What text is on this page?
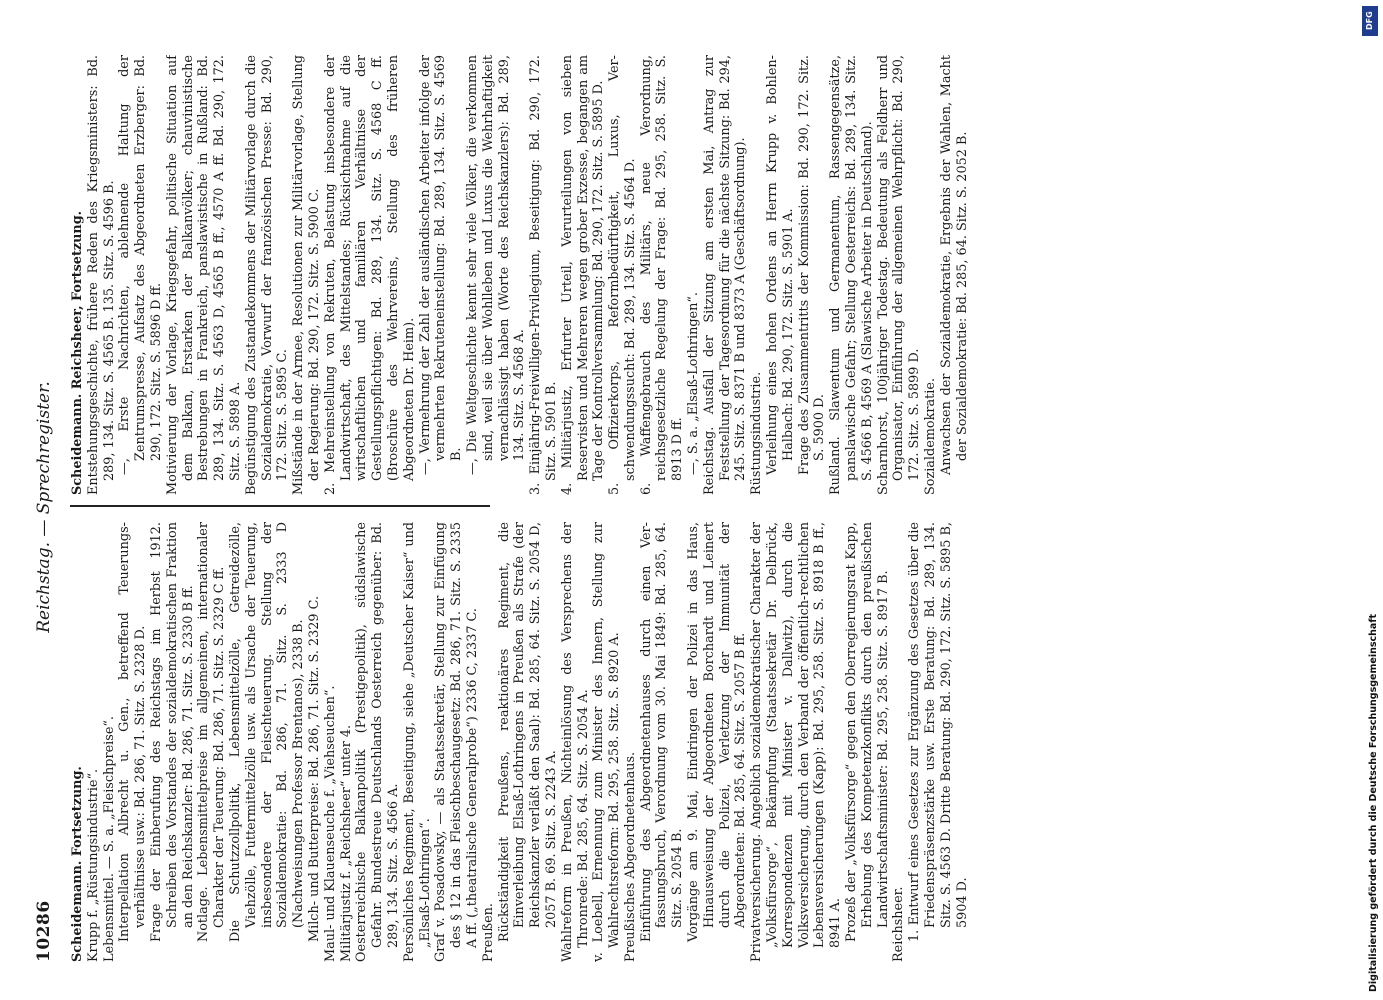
10286
Reichstag. — Sprechregister.

Scheidemann. Fortsetzung. Krupp f. „Rüstungsindustrie“. Lebensmittel. — S. a. „Fleischpreise“. Interpellation Albrecht u. Gen., betreffend Teuerungsverhältnisse usw.: Bd. 286, 71. Sitz. S. 2328 D. Frage der Einberufung des Reichstags im Herbst 1912. Schreiben des Vorstandes der sozialdemokratischen Fraktion an den Reichskanzler: Bd. 286, 71. Sitz. S. 2330 B ff. Notlage. Lebensmittelpreise im allgemeinen, internationaler Charakter der Teuerung: Bd. 286, 71. Sitz. S. 2329 C ff. Die Schutzzollpolitik, Lebensmittelzölle, Getreidezölle, Viehzölle, Futtermittelzölle usw. als Ursache der Teuerung, insbesondere der Fleischteuerung. Stellung der Sozialdemokratie: Bd. 286, 71. Sitz. S. 2333 D (Nachweisungen Professor Brentanos), 2338 B. Milch- und Butterpreise: Bd. 286, 71. Sitz. S. 2329 C. Maul- und Klauenseuche f. „Viehseuchen“. Militärjustiz f. „Reichsheer“ unter 4. Oesterreichische Balkanpolitik (Prestigepolitik), südslawische Gefahr. Bundestreue Deutschlands Oesterreich gegenüber: Bd. 289, 134. Sitz. S. 4566 A. Persönliches Regiment, Beseitigung, siehe „Deutscher Kaiser“ und „Elsaß-Lothringen“. Graf v. Posadowsky, — als Staatssekretär, Stellung zur Einfügung des § 12 in das Fleischbeschaugesetz: Bd. 286, 71. Sitz. S. 2335 A ff. („theatralische Generalprobe“) 2336 C, 2337 C. Preußen. Rückständigkeit Preußens, reaktionäres Regiment, die Einverleibung Elsaß-Lothringens in Preußen als Strafe (der Reichskanzler verläßt den Saal): Bd. 285, 64. Sitz. S. 2054 D, 2057 B. 69. Sitz. S. 2243 A. Wahlreform in Preußen, Nichteinlösung des Versprechens der Thronrede: Bd. 285, 64. Sitz. S. 2054 A. v. Loebell, Ernennung zum Minister des Innern, Stellung zur Wahlrechtsreform: Bd. 295, 258. Sitz. S. 8920 A. Preußisches Abgeordnetenhaus. Einführung des Abgeordnetenhauses durch einen Verfassungsbruch, Verordnung vom 30. Mai 1849: Bd. 285, 64. Sitz. S. 2054 B. Vorgänge am 9. Mai, Eindringen der Polizei in das Haus, Hinausweisung der Abgeordneten Borchardt und Leinert durch die Polizei, Verletzung der Immunität der Abgeordneten: Bd. 285, 64. Sitz. S. 2057 B ff. Privatversicherung. Angeblich sozialdemokratischer Charakter der „Volksfürsorge“, Bekämpfung (Staatssekretär Dr. Delbrück, Korrespondenzen mit Minister v. Dallwitz), durch die Volksversicherung, durch den Verband der öffentlich-rechtlichen Lebensversicherungen (Kapp): Bd. 295, 258. Sitz. S. 8918 B ff., 8941 A. Prozeß der „Volksfürsorge“ gegen den Oberregierungsrat Kapp, Erhebung des Kompetenzkonflikts durch den preußischen Landwirtschaftsminister: Bd. 295, 258. Sitz. S. 8917 B. Reichsheer. 1. Entwurf eines Gesetzes zur Ergänzung des Gesetzes über die Friedenspräsenzstärke usw. Erste Beratung: Bd. 289, 134. Sitz. S. 4563 D. Dritte Beratung: Bd. 290, 172. Sitz. S. 5895 B, 5904 D.

Scheidemann. Reichsheer, Fortsetzung. Entstehungsgeschichte, frühere Reden des Kriegsministers: Bd. 289, 134. Sitz. S. 4565 B. 135. Sitz. S. 4596 B. —, Erste Nachrichten, ablehnende Haltung der Zentrumspresse, Aufsatz des Abgeordneten Erzberger: Bd. 290, 172. Sitz. S. 5896 D ff. Motivierung der Vorlage, Kriegsgefahr, politische Situation auf dem Balkan, Erstarken der Balkanvölker; chauvinistische Bestrebungen in Frankreich, panslawistische in Rußland: Bd. 289, 134. Sitz. S. 4563 D, 4565 B ff., 4570 A ff. Bd. 290, 172. Sitz. S. 5898 A. Begünstigung des Zustandekommens der Militärvorlage durch die Sozialdemokratie, Vorwurf der französischen Presse: Bd. 290, 172. Sitz. S. 5895 C. Mißstände in der Armee, Resolutionen zur Militärvorlage, Stellung der Regierung: Bd. 290, 172. Sitz. S. 5900 C. 2. Mehreinstellung von Rekruten, Belastung insbesondere der Landwirtschaft, des Mittelstandes; Rücksichtnahme auf die wirtschaftlichen und familiären Verhältnisse der Gestellungspflichtigen: Bd. 289, 134. Sitz. S. 4568 C ff. (Broschüre des Wehrvereins, Stellung des früheren Abgeordneten Dr. Heim). —, Vermehrung der Zahl der ausländischen Arbeiter infolge der vermehrten Rekruteneinstellung: Bd. 289, 134. Sitz. S. 4569 B. —, Die Weltgeschichte kennt sehr viele Völker, die verkommen sind, weil sie über Wohlleben und Luxus die Wehrhaftigkeit vernachlässigt haben (Worte des Reichskanzlers): Bd. 289, 134. Sitz. S. 4568 A. 3. Einjährig-Freiwilligen-Privilegium, Beseitigung: Bd. 290, 172. Sitz. S. 5901 B. 4. Militärjustiz, Erfurter Urteil, Verurteilungen von sieben Reservisten und Mehreren wegen grober Exzesse, begangen am Tage der Kontrollversammlung: Bd. 290, 172. Sitz. S. 5895 D. 5. Offizierkorps, Reformbedürftigkeit, Luxus, Verschwendungssucht: Bd. 289, 134. Sitz. S. 4564 D. 6. Waffengebrauch des Militärs, neue Verordnung, reichsgesetzliche Regelung der Frage: Bd. 295, 258. Sitz. S. 8913 D ff. —, S. a. „Elsaß-Lothringen“. Reichstag. Ausfall der Sitzung am ersten Mai, Antrag zur Feststellung der Tagesordnung für die nächste Sitzung: Bd. 294, 245. Sitz. S. 8371 B und 8373 A (Geschäftsordnung). Rüstungsindustrie. Verleihung eines hohen Ordens an Herrn Krupp v. Bohlen-Halbach: Bd. 290, 172. Sitz. S. 5901 A. Frage des Zusammentritts der Kommission: Bd. 290, 172. Sitz. S. 5900 D. Rußland. Slawentum und Germanentum, Rassengegensätze, panslawische Gefahr; Stellung Oesterreichs: Bd. 289, 134. Sitz. S. 4566 B, 4569 A (Slawische Arbeiter in Deutschland). Scharnhorst, 100jähriger Todestag. Bedeutung als Feldherr und Organisator, Einführung der allgemeinen Wehrpflicht: Bd. 290, 172. Sitz. S. 5899 D. Sozialdemokratie. Anwachsen der Sozialdemokratie, Ergebnis der Wahlen, Macht der Sozialdemokratie: Bd. 285, 64. Sitz. S. 2052 B.

DFG
Digitalisierung gefördert durch die Deutsche Forschungsgemeinschaft
